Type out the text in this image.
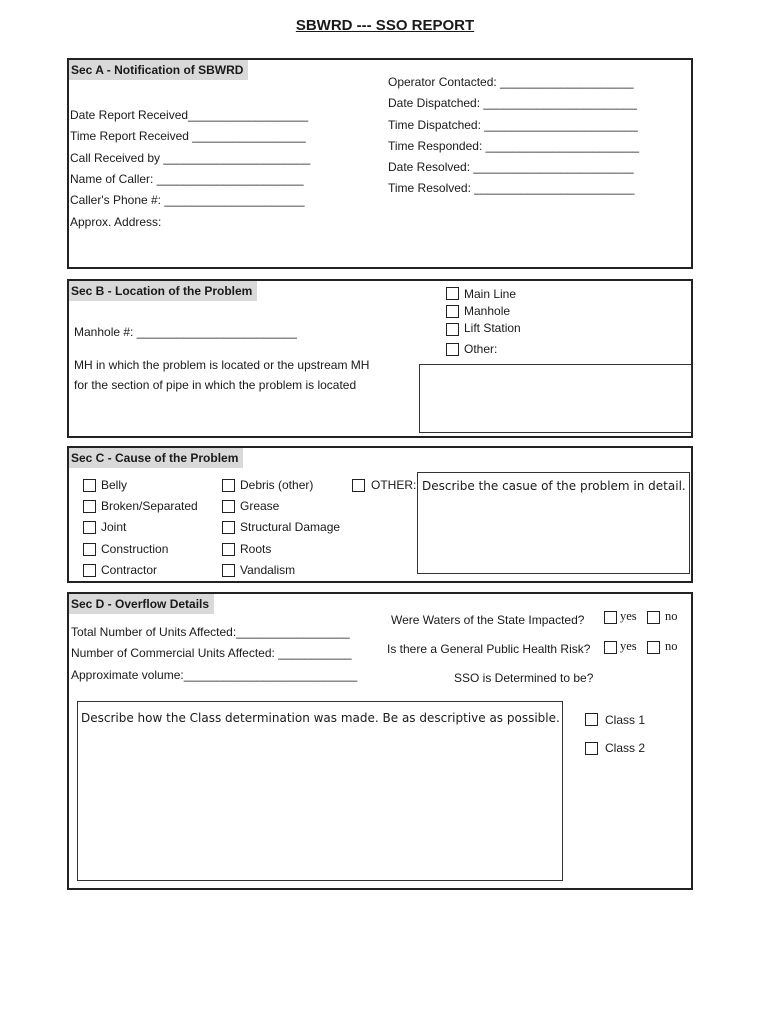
SBWRD --- SSO REPORT
Sec A - Notification of SBWRD
Date Report Received__________________
Time Report Received _________________
Call Received by ______________________
Name of Caller: ______________________
Caller's Phone #: _____________________
Approx. Address:
Operator Contacted: ____________________
Date Dispatched: _______________________
Time Dispatched: _______________________
Time Responded: _______________________
Date Resolved: ________________________
Time Resolved: ________________________
Sec B - Location of the Problem
Manhole #: ________________________
MH in which the problem is located or the upstream MH
for the section of pipe in which the problem is located
Main Line
Manhole
Lift Station
Other:
Sec C - Cause of the Problem
Belly
Broken/Separated
Joint
Construction
Contractor
Debris (other)
Grease
Structural Damage
Roots
Vandalism
OTHER: Describe the casue of the problem in detail.
Sec D - Overflow Details
Total Number of Units Affected:_________________
Number of Commercial Units Affected: ___________
Approximate volume:__________________________
Were Waters of the State Impacted?	yes no
Is there a General Public Health Risk? yes no
SSO is Determined to be?
Describe how the Class determination was made. Be as descriptive as possible.	Class 1
Class 2
